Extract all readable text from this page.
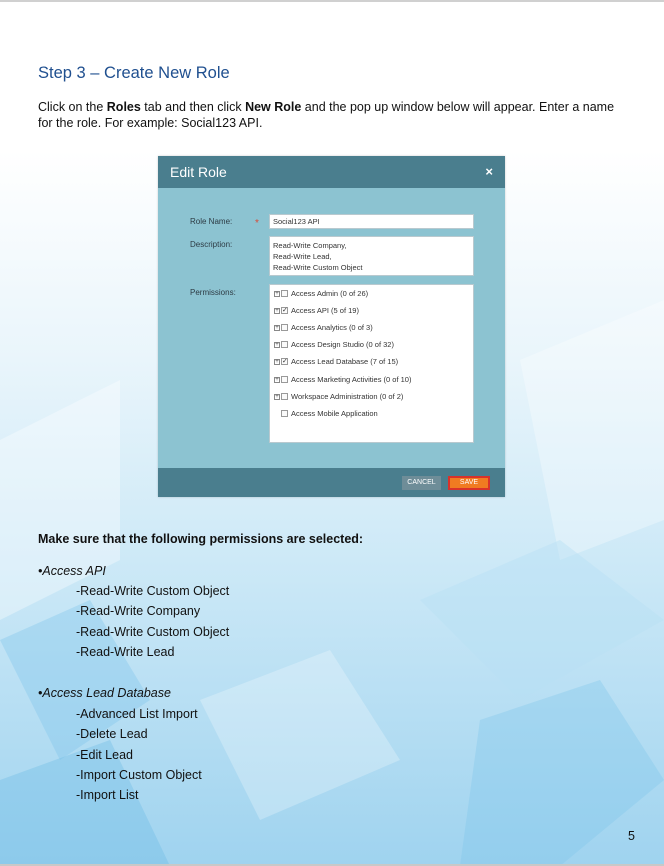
Step 3 – Create New Role
Click on the Roles tab and then click New Role and the pop up window below will appear. Enter a name for the role. For example: Social123 API.
Edit Role	×
Role Name: *	Social123 API
Description:	Read-Write Company,
Read-Write Lead,
Read-Write Custom Object
Permissions:	+ Access Admin (0 of 26)
+ ✓ Access API (5 of 19)
+ Access Analytics (0 of 3)
+ Access Design Studio (0 of 32)
+ ✓ Access Lead Database (7 of 15)
+ Access Marketing Activities (0 of 10)
+ Workspace Administration (0 of 2)
Access Mobile Application
CANCEL	SAVE
Make sure that the following permissions are selected:
•Access API
-Read-Write Custom Object
-Read-Write Company
-Read-Write Custom Object
-Read-Write Lead
•Access Lead Database
-Advanced List Import
-Delete Lead
-Edit Lead
-Import Custom Object
-Import List
5
